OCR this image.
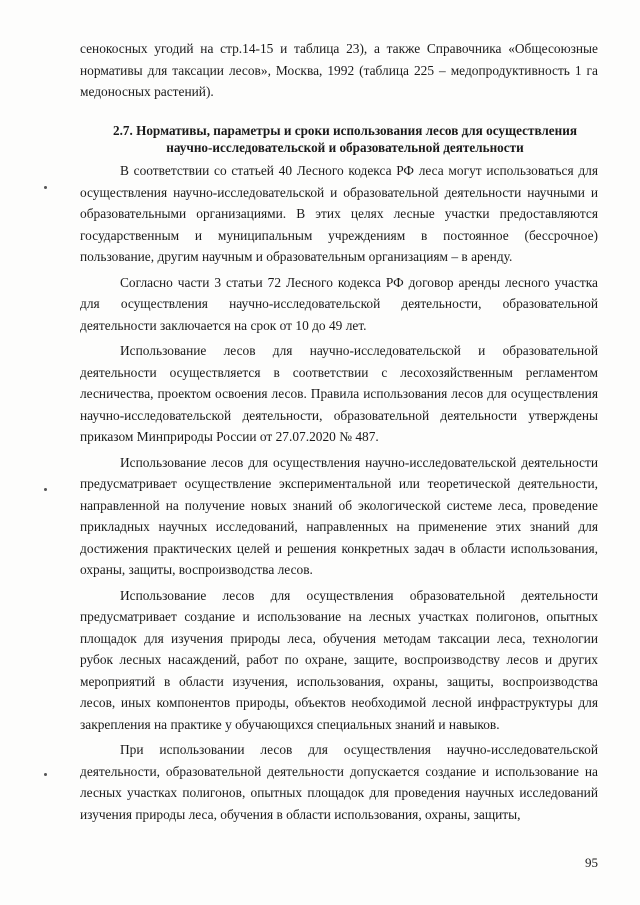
сенокосных угодий на стр.14-15 и таблица 23), а также Справочника «Общесоюзные нормативы для таксации лесов», Москва, 1992 (таблица 225 – медопродуктивность 1 га медоносных растений).
2.7. Нормативы, параметры и сроки использования лесов для осуществления
научно-исследовательской и образовательной деятельности

В соответствии со статьей 40 Лесного кодекса РФ леса могут использоваться для осуществления научно-исследовательской и образовательной деятельности научными и образовательными организациями. В этих целях лесные участки предоставляются государственным и муниципальным учреждениям в постоянное (бессрочное) пользование, другим научным и образовательным организациям – в аренду.

Согласно части 3 статьи 72 Лесного кодекса РФ договор аренды лесного участка для осуществления научно-исследовательской деятельности, образовательной деятельности заключается на срок от 10 до 49 лет.

Использование лесов для научно-исследовательской и образовательной деятельности осуществляется в соответствии с лесохозяйственным регламентом лесничества, проектом освоения лесов. Правила использования лесов для осуществления научно-исследовательской деятельности, образовательной деятельности утверждены приказом Минприроды России от 27.07.2020 № 487.

Использование лесов для осуществления научно-исследовательской деятельности предусматривает осуществление экспериментальной или теоретической деятельности, направленной на получение новых знаний об экологической системе леса, проведение прикладных научных исследований, направленных на применение этих знаний для достижения практических целей и решения конкретных задач в области использования, охраны, защиты, воспроизводства лесов.

Использование лесов для осуществления образовательной деятельности предусматривает создание и использование на лесных участках полигонов, опытных площадок для изучения природы леса, обучения методам таксации леса, технологии рубок лесных насаждений, работ по охране, защите, воспроизводству лесов и других мероприятий в области изучения, использования, охраны, защиты, воспроизводства лесов, иных компонентов природы, объектов необходимой лесной инфраструктуры для закрепления на практике у обучающихся специальных знаний и навыков.

При использовании лесов для осуществления научно-исследовательской деятельности, образовательной деятельности допускается создание и использование на лесных участках полигонов, опытных площадок для проведения научных исследований изучения природы леса, обучения в области использования, охраны, защиты,

95
